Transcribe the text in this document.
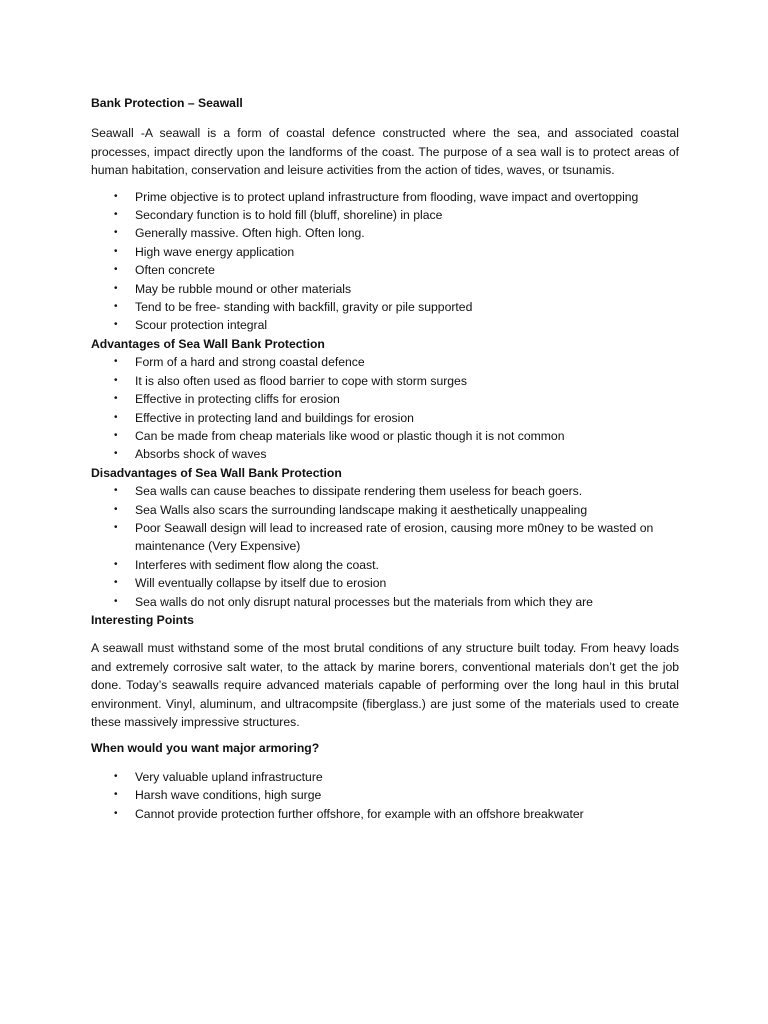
Bank Protection – Seawall

Seawall -A seawall is a form of coastal defence constructed where the sea, and associated coastal processes, impact directly upon the landforms of the coast. The purpose of a sea wall is to protect areas of human habitation, conservation and leisure activities from the action of tides, waves, or tsunamis.

• Prime objective is to protect upland infrastructure from flooding, wave impact and overtopping
• Secondary function is to hold fill (bluff, shoreline) in place
• Generally massive. Often high. Often long.
• High wave energy application
• Often concrete
• May be rubble mound or other materials
• Tend to be free- standing with backfill, gravity or pile supported
• Scour protection integral

Advantages of Sea Wall Bank Protection

• Form of a hard and strong coastal defence
• It is also often used as flood barrier to cope with storm surges
• Effective in protecting cliffs for erosion
• Effective in protecting land and buildings for erosion
• Can be made from cheap materials like wood or plastic though it is not common
• Absorbs shock of waves

Disadvantages of Sea Wall Bank Protection

• Sea walls can cause beaches to dissipate rendering them useless for beach goers.
• Sea Walls also scars the surrounding landscape making it aesthetically unappealing
• Poor Seawall design will lead to increased rate of erosion, causing more m0ney to be wasted on maintenance (Very Expensive)
• Interferes with sediment flow along the coast.
• Will eventually collapse by itself due to erosion
• Sea walls do not only disrupt natural processes but the materials from which they are

Interesting Points

A seawall must withstand some of the most brutal conditions of any structure built today. From heavy loads and extremely corrosive salt water, to the attack by marine borers, conventional materials don’t get the job done. Today’s seawalls require advanced materials capable of performing over the long haul in this brutal environment. Vinyl, aluminum, and ultracompsite (fiberglass.) are just some of the materials used to create these massively impressive structures.

When would you want major armoring?

• Very valuable upland infrastructure
• Harsh wave conditions, high surge
• Cannot provide protection further offshore, for example with an offshore breakwater
